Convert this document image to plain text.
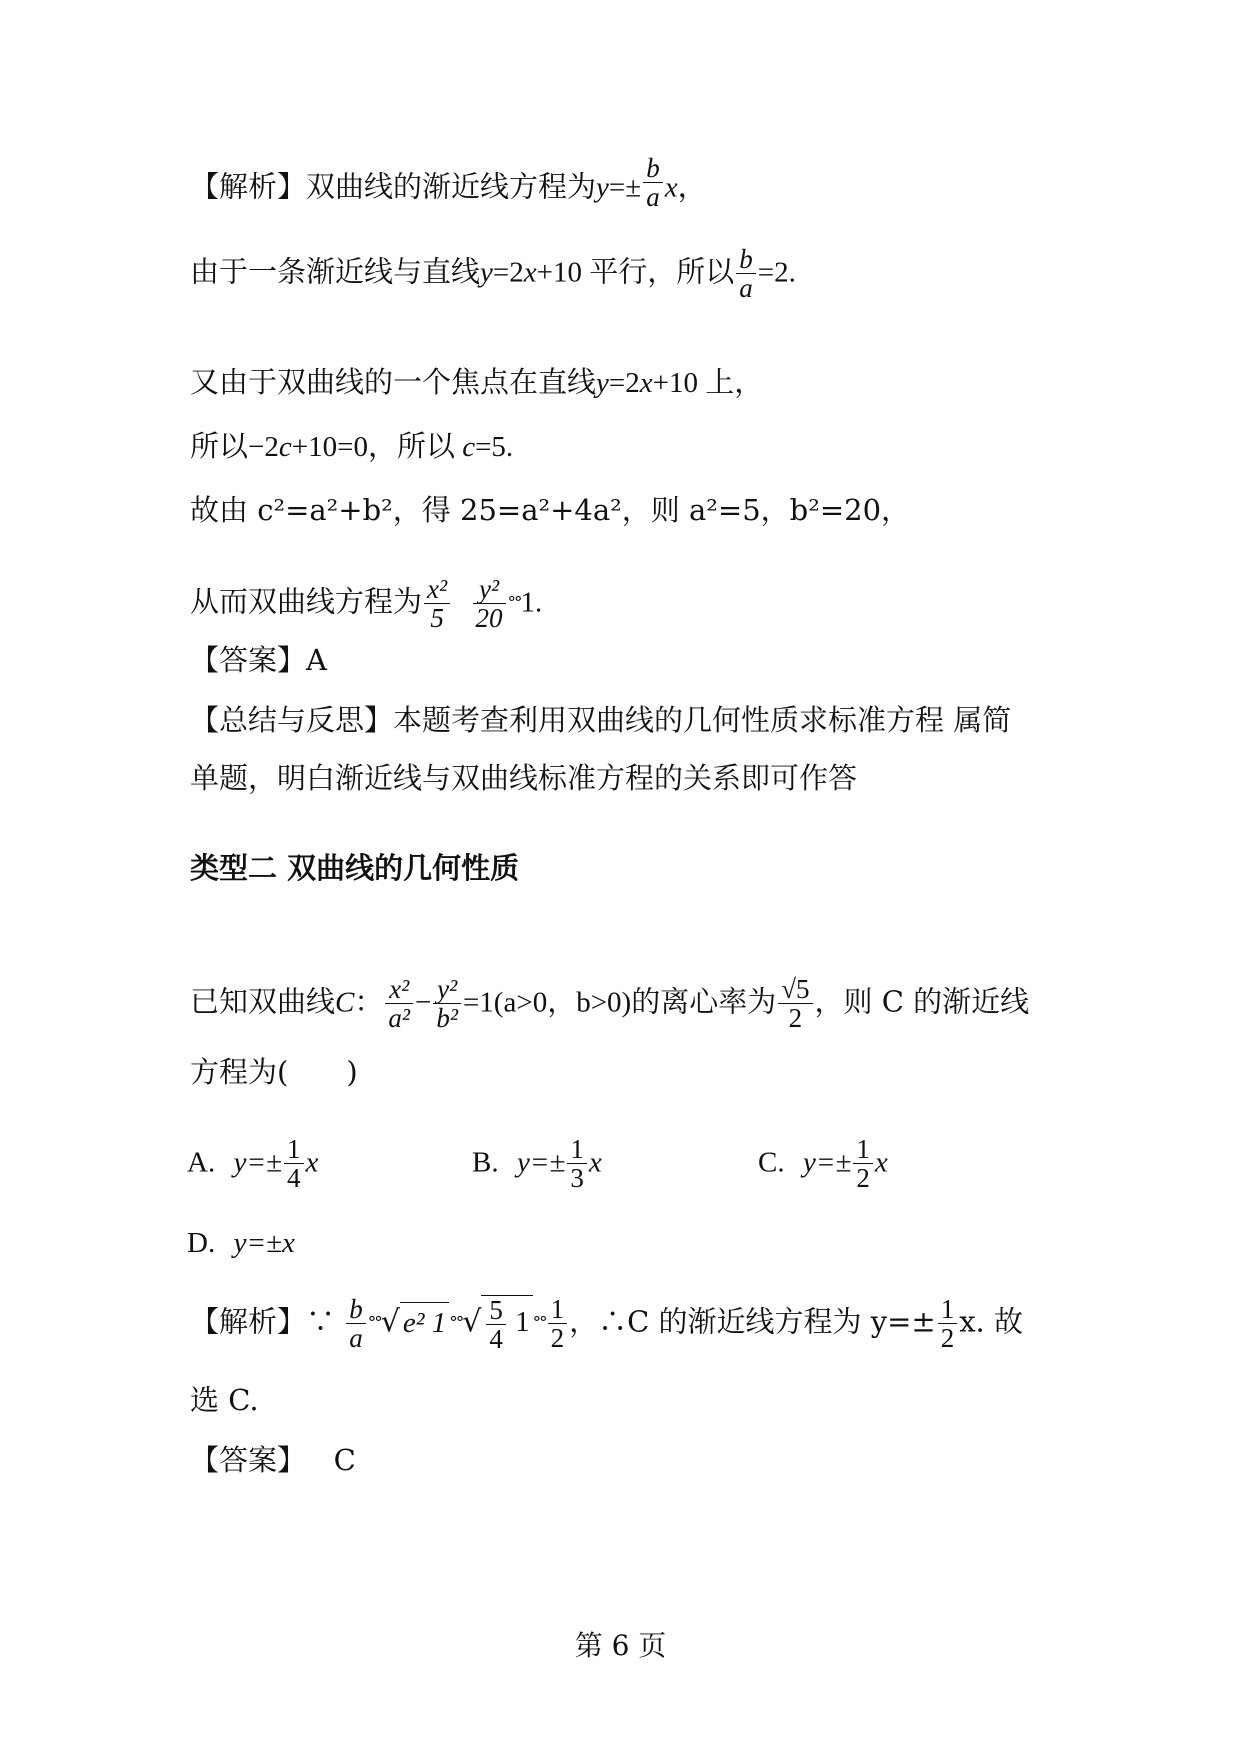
【解析】双曲线的渐近线方程为$y=\pm \frac{b}{a}$ x，
由于一条渐近线与直线y=2x+10 平行，所以 $\frac{b}{a} =2$.
又由于双曲线的一个焦点在直线y=2x+10 上，
所以−2c+10=0，所以 c=5.
故由 c²=a²+b²，得 25=a²+4a²，则 a²=5，b²=20，
从而双曲线方程为 $\frac{\text{x²}}{5}$
$\frac{\text{y²}}{20} ^\circ^\circ 1$.
【答案】A
【总结与反思】本题考查利用双曲线的几何性质求标准方程 属简
单题，明白渐近线与双曲线标准方程的关系即可作答
类型二 双曲线的几何性质
已知双曲线C： $\frac{\text{x²}}{\text{a²}} - \frac{\text{y²}}{\text{b²}} =1(a>0$，b>0)的离心率为 $\frac{√5}{2}$ ，则 C 的渐近线
方程为(　　)
A. $y=\pm \frac{1}{4}$ x	B. $y=\pm \frac{1}{3}$ x	C. $y=\pm \frac{1}{2}$ x
D. y=±x
【解析】∵ $\frac{b}{a}$ °°√ e² 1 °°√ $\frac{5}{4} 1$ °° $\frac{1}{2}$ ，∴C 的渐近线方程为 $y=\pm \frac{1}{2} x$. 故
选 C.
【答案】 C
第 6 页
